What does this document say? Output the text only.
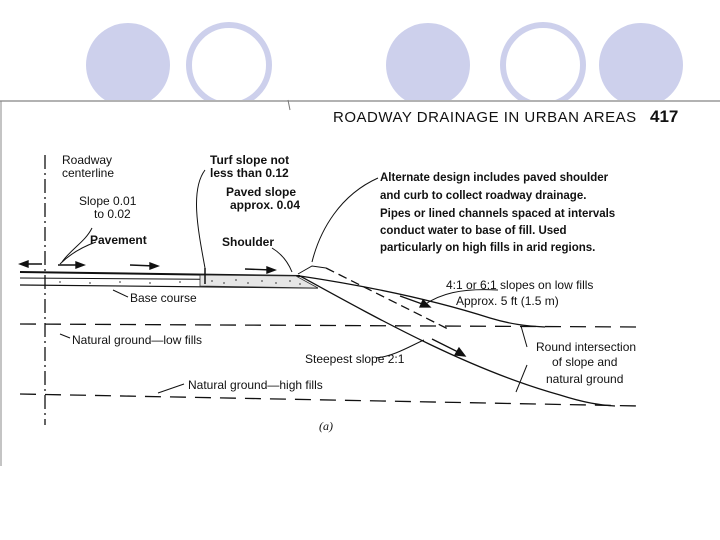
ROADWAY DRAINAGE IN URBAN AREAS 417
Roadway
centerline
Slope 0.01
to 0.02
Pavement
Turf slope not
less than 0.12
Paved slope
approx. 0.04
Shoulder
Alternate design includes paved shoulder
and curb to collect roadway drainage.
Pipes or lined channels spaced at intervals
conduct water to base of fill. Used
particularly on high fills in arid regions.
4:1 or 6:1 slopes on low fills
Approx. 5 ft (1.5 m)
Base course
Natural ground—low fills	Round intersection
of slope and
natural ground
Steepest slope 2:1
Natural ground—high fills
(a)
